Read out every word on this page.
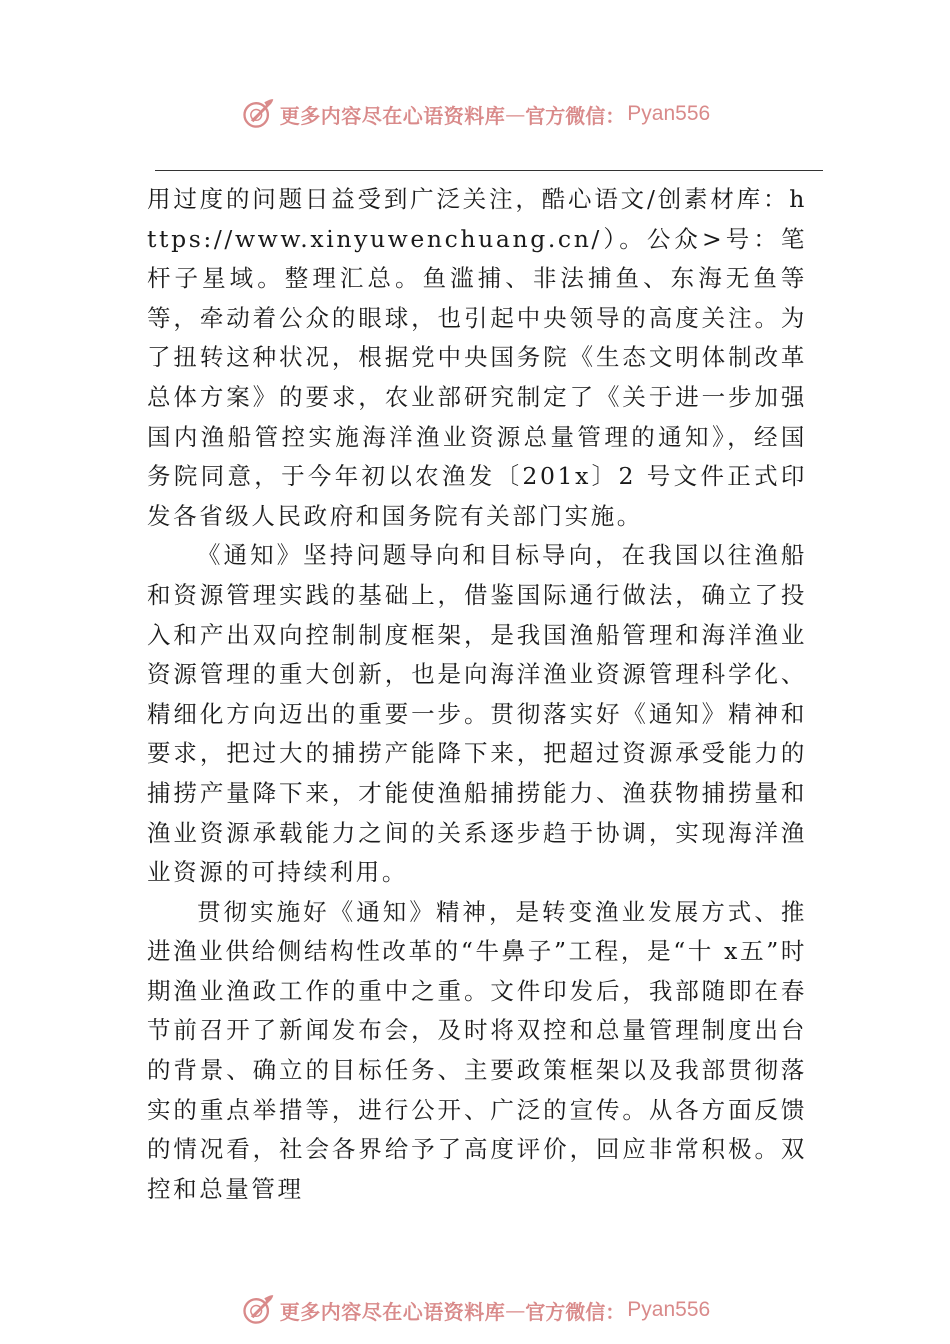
更多内容尽在心语资料库 — 官方微信： Pyan556

用过度的问题日益受到广泛关注，酷心语文/创素材库：https://www.xinyuwenchuang.cn/）。公众>号：笔杆子星域。整理汇总。鱼滥捕、非法捕鱼、东海无鱼等等，牵动着公众的眼球，也引起中央领导的高度关注。为了扭转这种状况，根据党中央国务院《生态文明体制改革总体方案》的要求，农业部研究制定了《关于进一步加强国内渔船管控实施海洋渔业资源总量管理的通知》，经国务院同意，于今年初以农渔发〔201x〕2 号文件正式印发各省级人民政府和国务院有关部门实施。

《通知》坚持问题导向和目标导向，在我国以往渔船和资源管理实践的基础上，借鉴国际通行做法，确立了投入和产出双向控制制度框架，是我国渔船管理和海洋渔业资源管理的重大创新，也是向海洋渔业资源管理科学化、精细化方向迈出的重要一步。贯彻落实好《通知》精神和要求，把过大的捕捞产能降下来，把超过资源承受能力的捕捞产量降下来，才能使渔船捕捞能力、渔获物捕捞量和渔业资源承载能力之间的关系逐步趋于协调，实现海洋渔业资源的可持续利用。

贯彻实施好《通知》精神，是转变渔业发展方式、推进渔业供给侧结构性改革的“牛鼻子”工程，是“十 x五”时期渔业渔政工作的重中之重。文件印发后，我部随即在春节前召开了新闻发布会，及时将双控和总量管理制度出台的背景、确立的目标任务、主要政策框架以及我部贯彻落实的重点举措等，进行公开、广泛的宣传。从各方面反馈的情况看，社会各界给予了高度评价，回应非常积极。双控和总量管理

更多内容尽在心语资料库 — 官方微信： Pyan556
